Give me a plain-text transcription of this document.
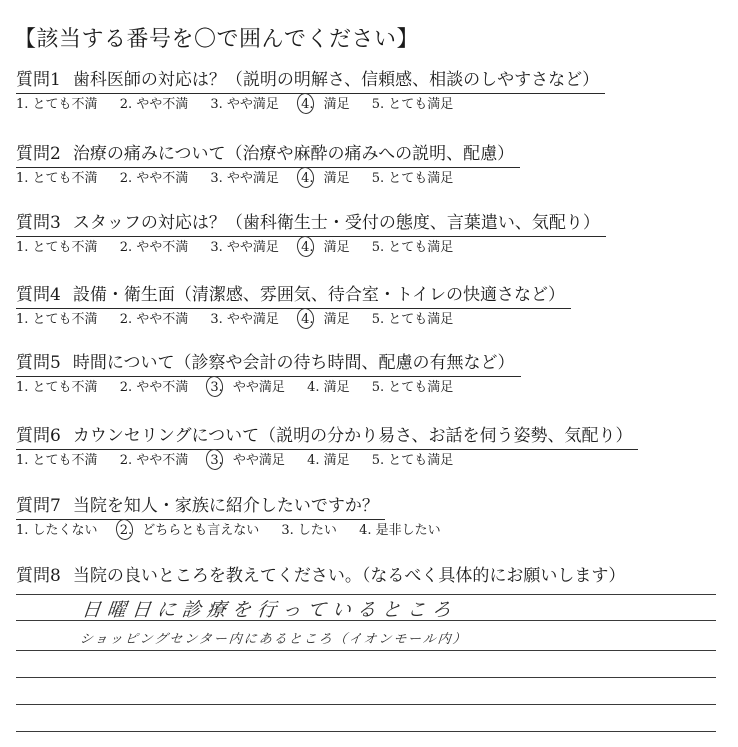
【該当する番号を〇で囲んでください】
質問1 歯科医師の対応は？（説明の明解さ、信頼感、相談のしやすさなど）
1. とても不満 2. やや不満 3. やや満足 4. 満足 5. とても満足
質問2 治療の痛みについて（治療や麻酔の痛みへの説明、配慮）
1. とても不満 2. やや不満 3. やや満足 4. 満足 5. とても満足
質問3 スタッフの対応は？（歯科衛生士・受付の態度、言葉遣い、気配り）
1. とても不満 2. やや不満 3. やや満足 4. 満足 5. とても満足
質問4 設備・衛生面（清潔感、雰囲気、待合室・トイレの快適さなど）
1. とても不満 2. やや不満 3. やや満足 4. 満足 5. とても満足
質問5 時間について（診察や会計の待ち時間、配慮の有無など）
1. とても不満 2. やや不満 3. やや満足 4. 満足 5. とても満足
質問6 カウンセリングについて（説明の分かり易さ、お話を伺う姿勢、気配り）
1. とても不満 2. やや不満 3. やや満足 4. 満足 5. とても満足
質問7 当院を知人・家族に紹介したいですか？
1. したくない 2. どちらとも言えない 3. したい 4. 是非したい
質問8 当院の良いところを教えてください。（なるべく具体的にお願いします）
日曜日に診療を行っているところ
ショッピングセンター内にあるところ（イオンモール内）
